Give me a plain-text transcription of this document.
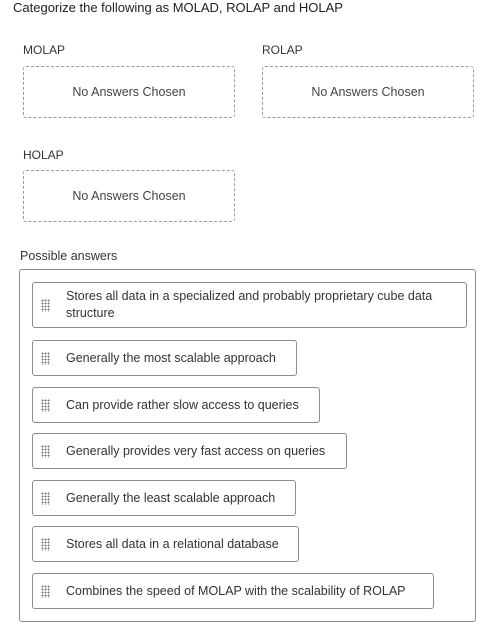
Categorize the following as MOLAD, ROLAP and HOLAP
MOLAP
No Answers Chosen
ROLAP
No Answers Chosen
HOLAP
No Answers Chosen
Possible answers
Stores all data in a specialized and probably proprietary cube data structure
Generally the most scalable approach
Can provide rather slow access to queries
Generally provides very fast access on queries
Generally the least scalable approach
Stores all data in a relational database
Combines the speed of MOLAP with the scalability of ROLAP
